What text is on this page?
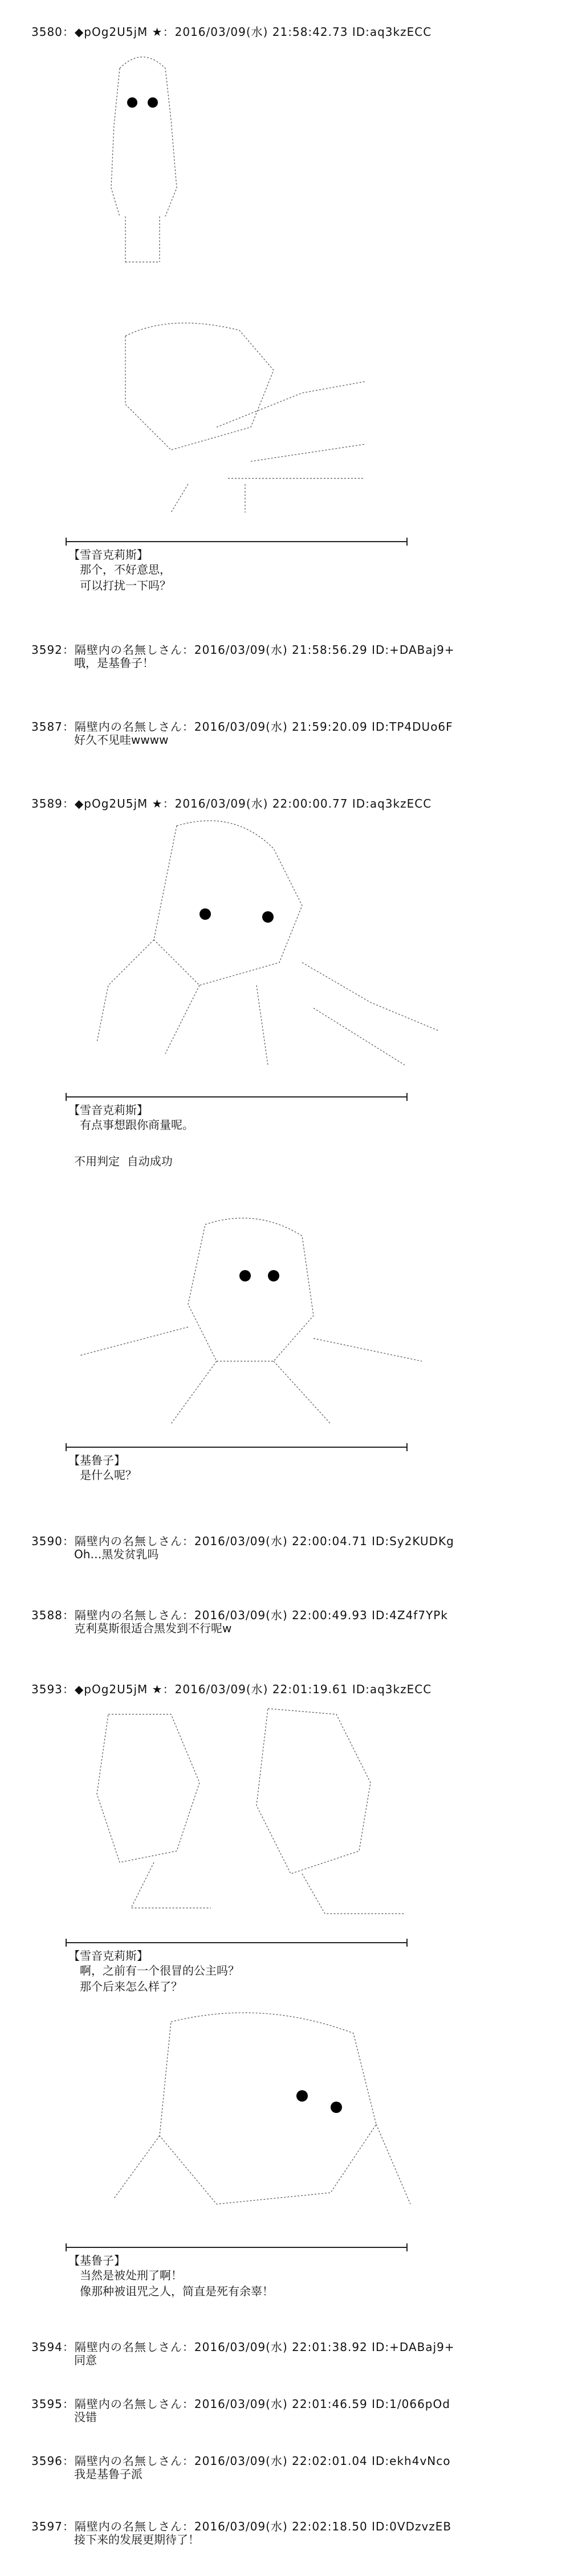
3580：◆pOg2U5jM ★：2016/03/09(水) 21:58:42.73 ID:aq3kzECC
【雪音克莉斯】
那个，不好意思，
可以打扰一下吗？
3592：隔壁内の名無しさん：2016/03/09(水) 21:58:56.29 ID:+DABaj9+
哦，是基鲁子！
3587：隔壁内の名無しさん：2016/03/09(水) 21:59:20.09 ID:TP4DUo6F
好久不见哇wwww
3589：◆pOg2U5jM ★：2016/03/09(水) 22:00:00.77 ID:aq3kzECC
【雪音克莉斯】
有点事想跟你商量呢。
不用判定  自动成功
【基鲁子】
是什么呢？
3590：隔壁内の名無しさん：2016/03/09(水) 22:00:04.71 ID:Sy2KUDKg
Oh…黑发贫乳吗
3588：隔壁内の名無しさん：2016/03/09(水) 22:00:49.93 ID:4Z4f7YPk
克利莫斯很适合黑发到不行呢w
3593：◆pOg2U5jM ★：2016/03/09(水) 22:01:19.61 ID:aq3kzECC
【雪音克莉斯】
啊，之前有一个很冒的公主吗？
那个后来怎么样了？
【基鲁子】
当然是被处刑了啊！
像那种被诅咒之人，简直是死有余辜！
3594：隔壁内の名無しさん：2016/03/09(水) 22:01:38.92 ID:+DABaj9+
同意
3595：隔壁内の名無しさん：2016/03/09(水) 22:01:46.59 ID:1/066pOd
没错
3596：隔壁内の名無しさん：2016/03/09(水) 22:02:01.04 ID:ekh4vNco
我是基鲁子派
3597：隔壁内の名無しさん：2016/03/09(水) 22:02:18.50 ID:0VDzvzEB
接下来的发展更期待了！
